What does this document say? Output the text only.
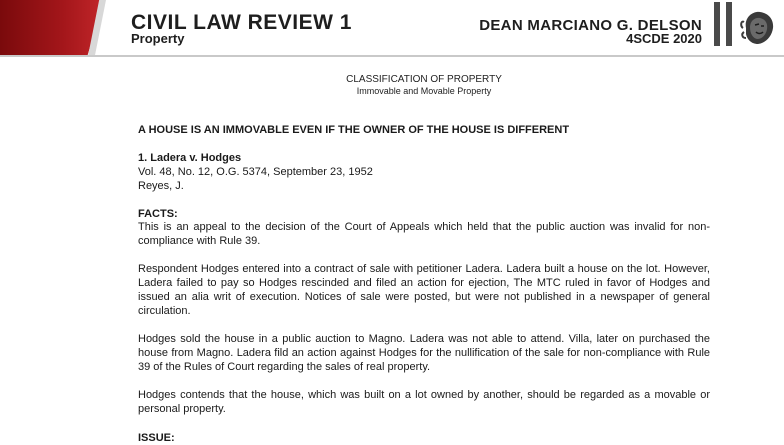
CIVIL LAW REVIEW 1

Property

DEAN MARCIANO G. DELSON

4SCDE 2020

CLASSIFICATION OF PROPERTY

Immovable and Movable Property

A HOUSE IS AN IMMOVABLE EVEN IF THE OWNER OF THE HOUSE IS DIFFERENT

1. Ladera v. Hodges

Vol. 48, No. 12, O.G. 5374, September 23, 1952

Reyes, J.

FACTS:

This is an appeal to the decision of the Court of Appeals which held that the public auction was invalid for non-compliance with Rule 39.

Respondent Hodges entered into a contract of sale with petitioner Ladera. Ladera built a house on the lot. However, Ladera failed to pay so Hodges rescinded and filed an action for ejection, The MTC ruled in favor of Hodges and issued an alia writ of execution. Notices of sale were posted, but were not published in a newspaper of general circulation.

Hodges sold the house in a public auction to Magno. Ladera was not able to attend. Villa, later on purchased the house from Magno. Ladera fild an action against Hodges for the nullification of the sale for non-compliance with Rule 39 of the Rules of Court regarding the sales of real property.

Hodges contends that the house, which was built on a lot owned by another, should be regarded as a movable or personal property.

ISSUE:
